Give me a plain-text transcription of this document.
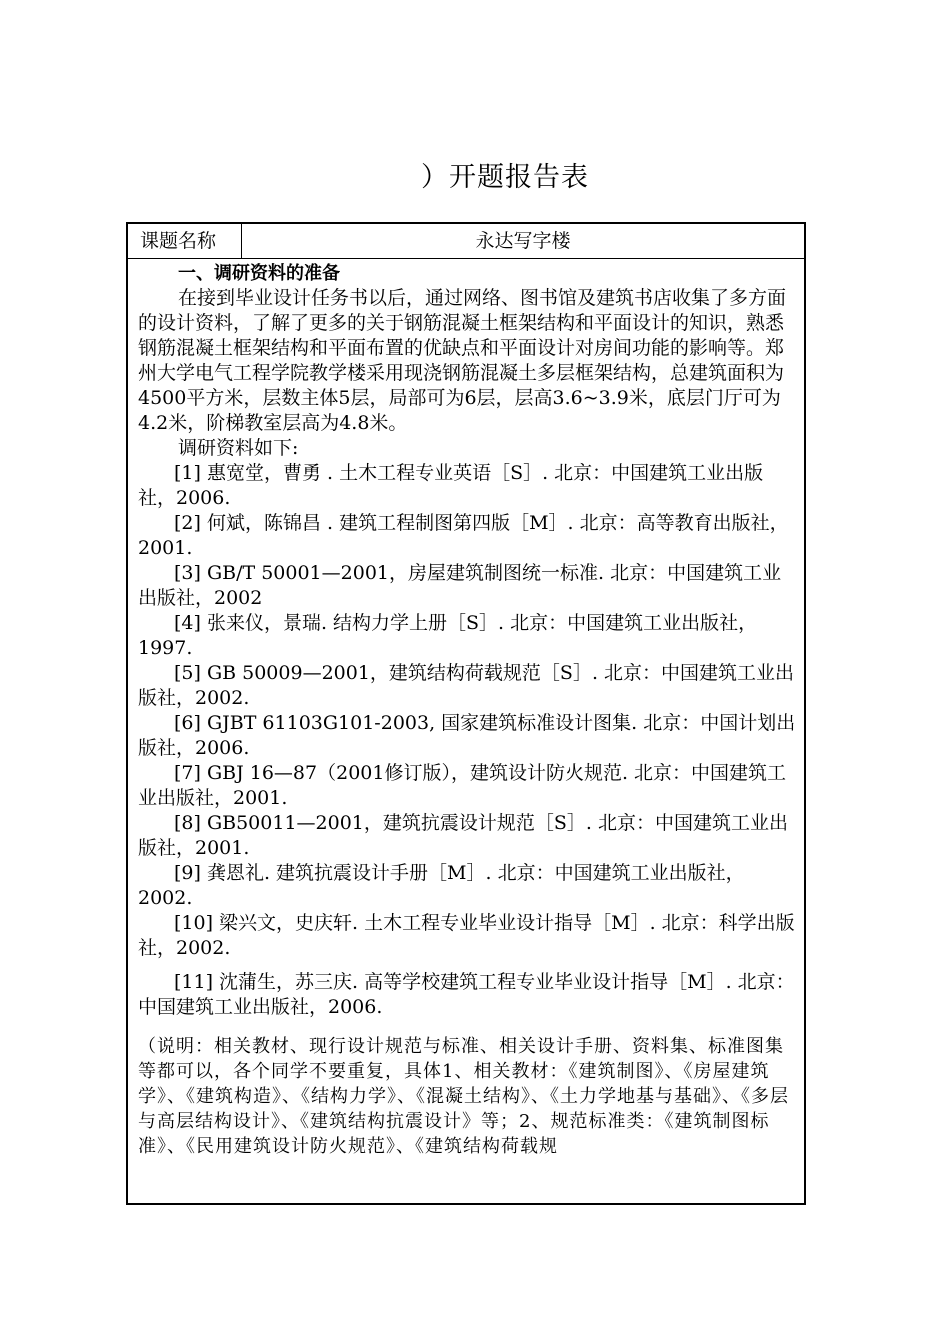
）开题报告表
课题名称	永达写字楼

一、调研资料的准备

在接到毕业设计任务书以后，通过网络、图书馆及建筑书店收集了多方面的设计资料，了解了更多的关于钢筋混凝土框架结构和平面设计的知识，熟悉钢筋混凝土框架结构和平面布置的优缺点和平面设计对房间功能的影响等。郑州大学电气工程学院教学楼采用现浇钢筋混凝土多层框架结构，总建筑面积为4500平方米，层数主体5层，局部可为6层，层高3.6~3.9米，底层门厅可为4.2米，阶梯教室层高为4.8米。

调研资料如下:

[1] 惠宽堂，曹勇 . 土木工程专业英语［S］. 北京：中国建筑工业出版社，2006.

[2] 何斌，陈锦昌 . 建筑工程制图第四版［M］. 北京：高等教育出版社，2001.

[3] GB/T 50001—2001，房屋建筑制图统一标准. 北京：中国建筑工业出版社，2002

[4] 张来仪，景瑞. 结构力学上册［S］. 北京：中国建筑工业出版社，1997.

[5] GB 50009—2001，建筑结构荷载规范［S］. 北京：中国建筑工业出版社，2002.

[6] GJBT 61103G101-2003, 国家建筑标准设计图集. 北京：中国计划出版社，2006.

[7] GBJ 16—87（2001修订版），建筑设计防火规范. 北京：中国建筑工业出版社，2001.

[8] GB50011—2001，建筑抗震设计规范［S］. 北京：中国建筑工业出版社，2001.

[9] 龚恩礼. 建筑抗震设计手册［M］. 北京：中国建筑工业出版社，2002.

[10] 梁兴文，史庆轩. 土木工程专业毕业设计指导［M］. 北京：科学出版社，2002.

[11] 沈蒲生，苏三庆. 高等学校建筑工程专业毕业设计指导［M］. 北京：中国建筑工业出版社，2006.

（说明：相关教材、现行设计规范与标准、相关设计手册、资料集、标准图集等都可以，各个同学不要重复，具体1、相关教材：《建筑制图》、《房屋建筑学》、《建筑构造》、《结构力学》、《混凝土结构》、《土力学地基与基础》、《多层与高层结构设计》、《建筑结构抗震设计》等；2、规范标准类：《建筑制图标准》、《民用建筑设计防火规范》、《建筑结构荷载规
